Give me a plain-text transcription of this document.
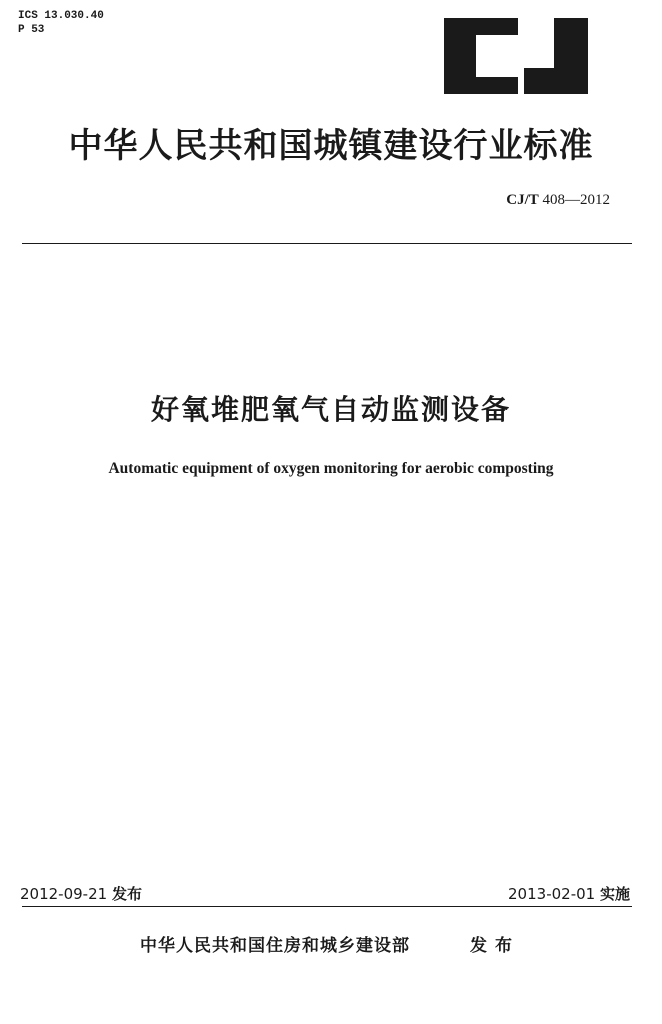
ICS 13.030.40
P 53
中华人民共和国城镇建设行业标准
CJ/T 408—2012
好氧堆肥氧气自动监测设备
Automatic equipment of oxygen monitoring for aerobic composting
2012-09-21 发布	2013-02-01 实施
中华人民共和国住房和城乡建设部	发布
